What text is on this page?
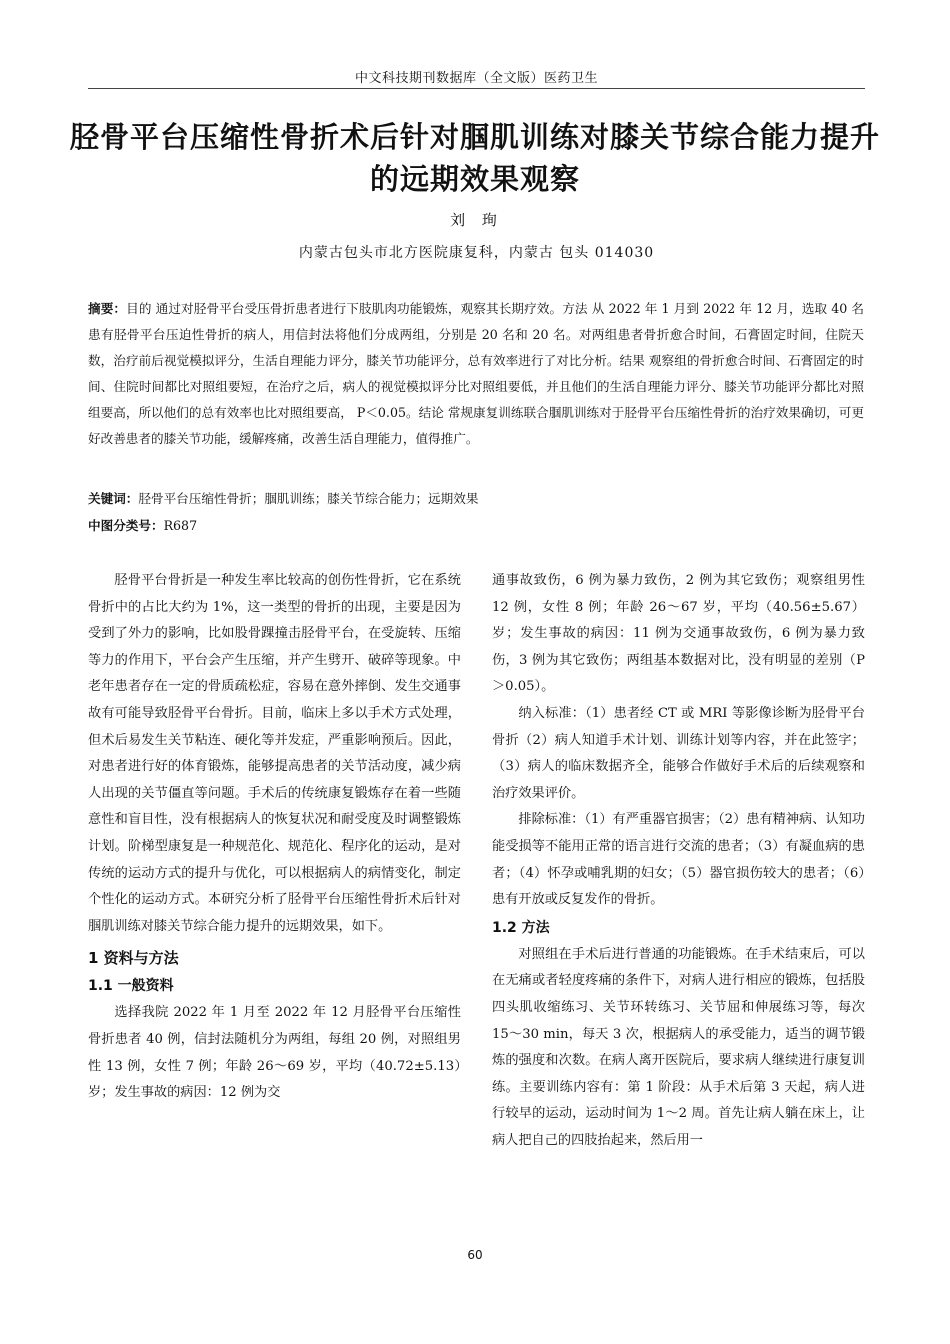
中文科技期刊数据库（全文版）医药卫生
胫骨平台压缩性骨折术后针对腘肌训练对膝关节综合能力提升的远期效果观察
刘 珣
内蒙古包头市北方医院康复科，内蒙古 包头 014030
摘要：目的 通过对胫骨平台受压骨折患者进行下肢肌肉功能锻炼，观察其长期疗效。方法 从 2022 年 1 月到 2022 年 12 月，选取 40 名患有胫骨平台压迫性骨折的病人，用信封法将他们分成两组，分别是 20 名和 20 名。对两组患者骨折愈合时间，石膏固定时间，住院天数，治疗前后视觉模拟评分，生活自理能力评分，膝关节功能评分，总有效率进行了对比分析。结果 观察组的骨折愈合时间、石膏固定的时间、住院时间都比对照组要短，在治疗之后，病人的视觉模拟评分比对照组要低，并且他们的生活自理能力评分、膝关节功能评分都比对照组要高，所以他们的总有效率也比对照组要高， P＜0.05。结论 常规康复训练联合腘肌训练对于胫骨平台压缩性骨折的治疗效果确切，可更好改善患者的膝关节功能，缓解疼痛，改善生活自理能力，值得推广。
关键词：胫骨平台压缩性骨折；腘肌训练；膝关节综合能力；远期效果
中图分类号：R687

胫骨平台骨折是一种发生率比较高的创伤性骨折，它在系统骨折中的占比大约为 1%，这一类型的骨折的出现，主要是因为受到了外力的影响，比如股骨踝撞击胫骨平台，在受旋转、压缩等力的作用下，平台会产生压缩，并产生劈开、破碎等现象。中老年患者存在一定的骨质疏松症，容易在意外摔倒、发生交通事故有可能导致胫骨平台骨折。目前，临床上多以手术方式处理，但术后易发生关节粘连、硬化等并发症，严重影响预后。因此，对患者进行好的体育锻炼，能够提高患者的关节活动度，减少病人出现的关节僵直等问题。手术后的传统康复锻炼存在着一些随意性和盲目性，没有根据病人的恢复状况和耐受度及时调整锻炼计划。阶梯型康复是一种规范化、规范化、程序化的运动，是对传统的运动方式的提升与优化，可以根据病人的病情变化，制定个性化的运动方式。本研究分析了胫骨平台压缩性骨折术后针对腘肌训练对膝关节综合能力提升的远期效果，如下。

1 资料与方法

1.1 一般资料

选择我院 2022 年 1 月至 2022 年 12 月胫骨平台压缩性骨折患者 40 例，信封法随机分为两组，每组 20 例，对照组男性 13 例，女性 7 例；年龄 26～69 岁，平均（40.72±5.13）岁；发生事故的病因：12 例为交

通事故致伤，6 例为暴力致伤，2 例为其它致伤；观察组男性 12 例，女性 8 例；年龄 26～67 岁，平均（40.56±5.67）岁；发生事故的病因：11 例为交通事故致伤，6 例为暴力致伤，3 例为其它致伤；两组基本数据对比，没有明显的差别（P＞0.05）。

纳入标准：（1）患者经 CT 或 MRI 等影像诊断为胫骨平台骨折（2）病人知道手术计划、训练计划等内容，并在此签字；（3）病人的临床数据齐全，能够合作做好手术后的后续观察和治疗效果评价。

排除标准：（1）有严重器官损害；（2）患有精神病、认知功能受损等不能用正常的语言进行交流的患者；（3）有凝血病的患者；（4）怀孕或哺乳期的妇女；（5）器官损伤较大的患者；（6）患有开放或反复发作的骨折。

1.2 方法

对照组在手术后进行普通的功能锻炼。在手术结束后，可以在无痛或者轻度疼痛的条件下，对病人进行相应的锻炼，包括股四头肌收缩练习、关节环转练习、关节屈和伸展练习等，每次 15～30 min，每天 3 次，根据病人的承受能力，适当的调节锻炼的强度和次数。在病人离开医院后，要求病人继续进行康复训练。主要训练内容有：第 1 阶段：从手术后第 3 天起，病人进行较早的运动，运动时间为 1～2 周。首先让病人躺在床上，让病人把自己的四肢抬起来，然后用一

60
